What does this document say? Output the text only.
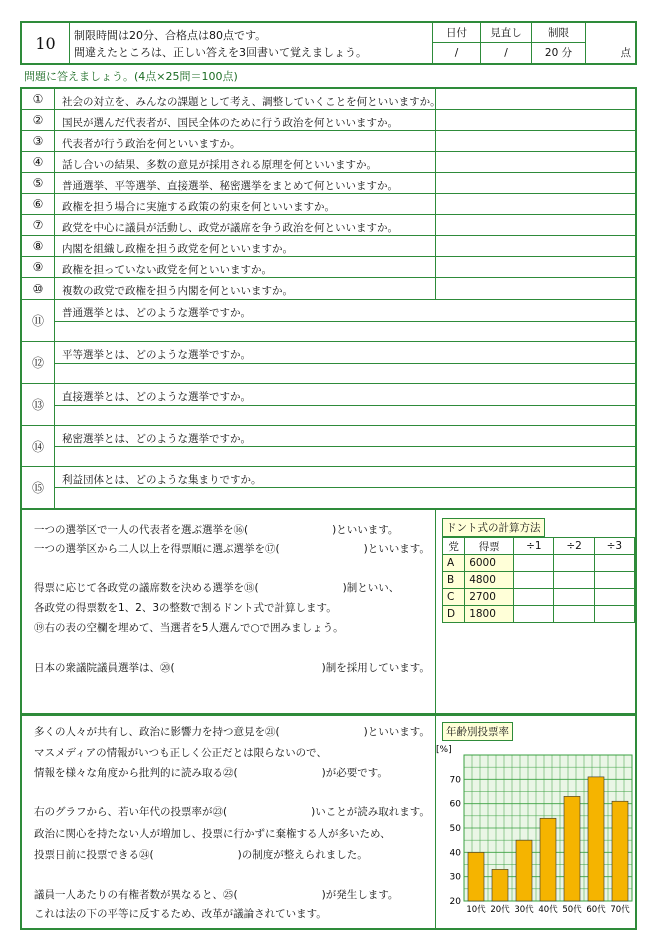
10	制限時間は20分、合格点は80点です。
間違えたところは、正しい答えを3回書いて覚えましょう。
日付	見直し	制限
/	/	20 分	点
問題に答えましょう。(4点×25問＝100点)
①	社会の対立を、みんなの課題として考え、調整していくことを何といいますか。
②	国民が選んだ代表者が、国民全体のために行う政治を何といいますか。
③	代表者が行う政治を何といいますか。
④	話し合いの結果、多数の意見が採用される原理を何といいますか。
⑤	普通選挙、平等選挙、直接選挙、秘密選挙をまとめて何といいますか。
⑥	政権を担う場合に実施する政策の約束を何といいますか。
⑦	政党を中心に議員が活動し、政党が議席を争う政治を何といいますか。
⑧	内閣を組織し政権を担う政党を何といいますか。
⑨	政権を担っていない政党を何といいますか。
⑩	複数の政党で政権を担う内閣を何といいますか。
⑪
普通選挙とは、どのような選挙ですか。
⑫
平等選挙とは、どのような選挙ですか。
⑬
直接選挙とは、どのような選挙ですか。
⑭
秘密選挙とは、どのような選挙ですか。
⑮
利益団体とは、どのような集まりですか。
一つの選挙区で一人の代表者を選ぶ選挙を⑯(　　　　　　　　)といいます。
一つの選挙区から二人以上を得票順に選ぶ選挙を⑰(　　　　　　　　)といいます。
得票に応じて各政党の議席数を決める選挙を⑱(　　　　　　　　)制といい、
各政党の得票数を1、2、3の整数で割るドント式で計算します。
⑲右の表の空欄を埋めて、当選者を5人選んで○で囲みましょう。
日本の衆議院議員選挙は、⑳(　　　　　　　　　　　　　　)制を採用しています。
ドント式の計算方法
党	得票	÷1	÷2	÷3
A	6000			
B	4800			
C	2700			
D	1800			
多くの人々が共有し、政治に影響力を持つ意見を㉑(　　　　　　　　)といいます。
マスメディアの情報がいつも正しく公正だとは限らないので、
情報を様々な角度から批判的に読み取る㉒(　　　　　　　　)が必要です。
右のグラフから、若い年代の投票率が㉓(　　　　　　　　)いことが読み取れます。
政治に関心を持たない人が増加し、投票に行かずに棄権する人が多いため、
投票日前に投票できる㉔(　　　　　　　　)の制度が整えられました。
議員一人あたりの有権者数が異なると、㉕(　　　　　　　　)が発生します。
これは法の下の平等に反するため、改革が議論されています。
年齢別投票率
[%]
20
30
40
50
60
70
10代 20代 30代 40代 50代 60代 70代
